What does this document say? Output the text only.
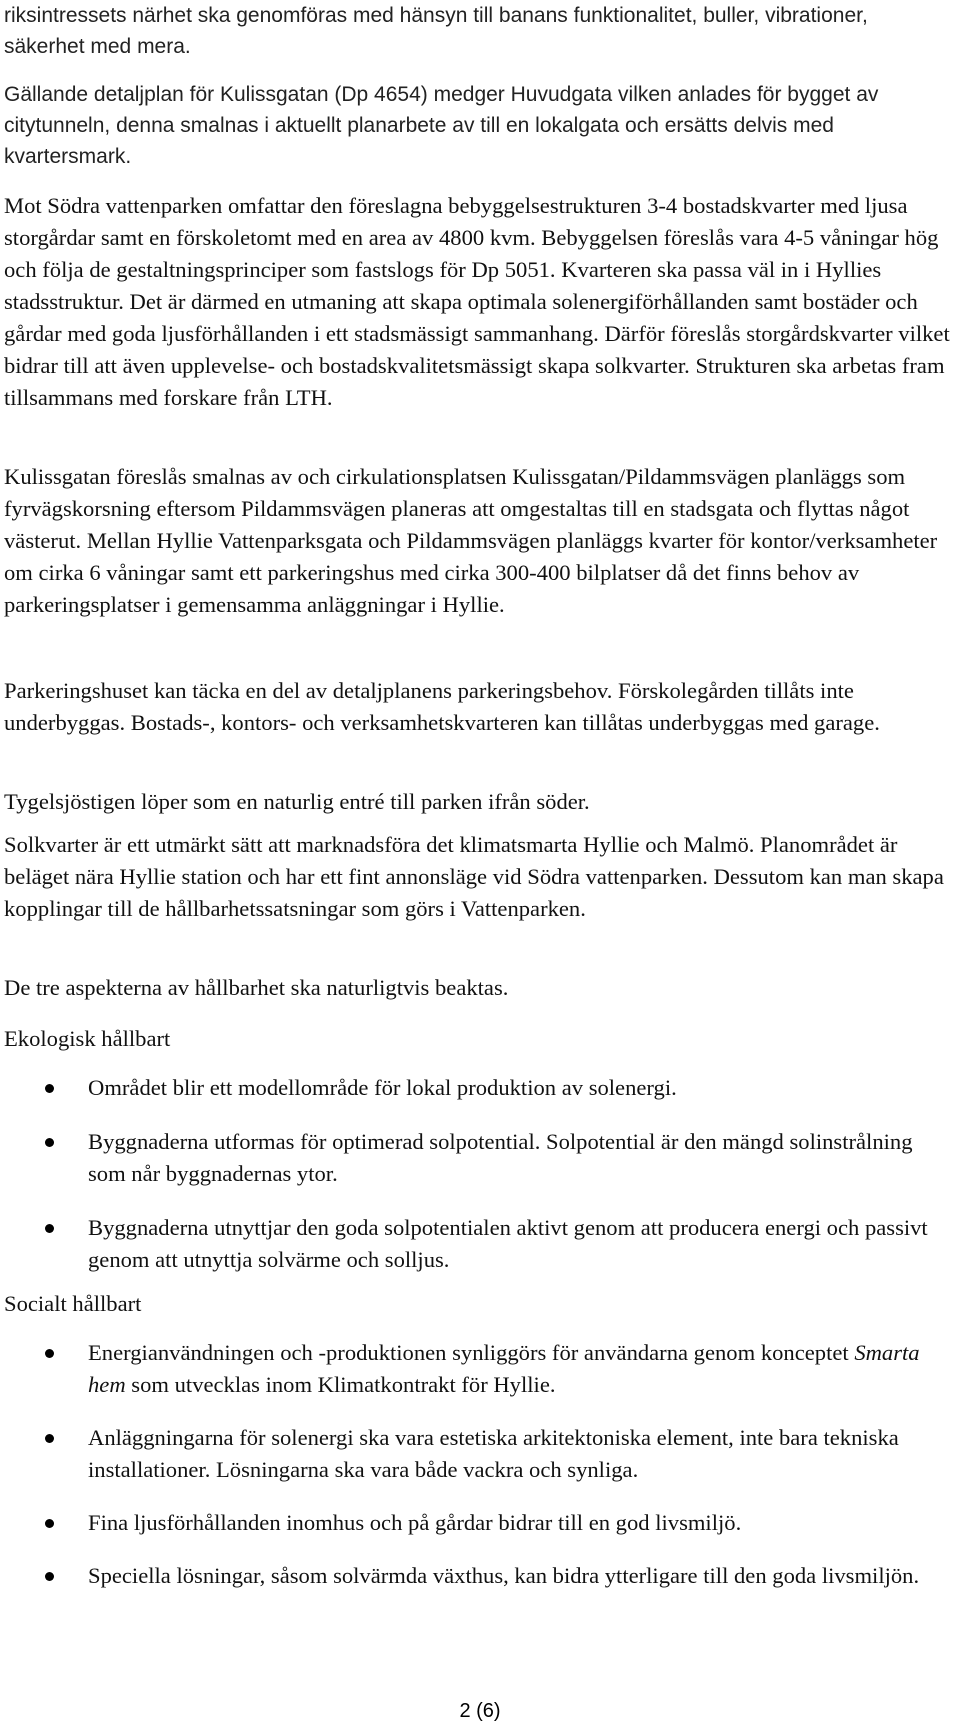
riksintressets närhet ska genomföras med hänsyn till banans funktionalitet, buller, vibrationer, säkerhet med mera.

Gällande detaljplan för Kulissgatan (Dp 4654) medger Huvudgata vilken anlades för bygget av citytunneln, denna smalnas i aktuellt planarbete av till en lokalgata och ersätts delvis med kvartersmark.

Mot Södra vattenparken omfattar den föreslagna bebyggelsestrukturen 3-4 bostadskvarter med ljusa storgårdar samt en förskoletomt med en area av 4800 kvm. Bebyggelsen föreslås vara 4-5 våningar hög och följa de gestaltningsprinciper som fastslogs för Dp 5051. Kvarteren ska passa väl in i Hyllies stadsstruktur. Det är därmed en utmaning att skapa optimala solenergiförhållanden samt bostäder och gårdar med goda ljusförhållanden i ett stadsmässigt sammanhang. Därför föreslås storgårdskvarter vilket bidrar till att även upplevelse- och bostadskvalitetsmässigt skapa solkvarter. Strukturen ska arbetas fram tillsammans med forskare från LTH.

Kulissgatan föreslås smalnas av och cirkulationsplatsen Kulissgatan/Pildammsvägen planläggs som fyrvägskorsning eftersom Pildammsvägen planeras att omgestaltas till en stadsgata och flyttas något västerut. Mellan Hyllie Vattenparksgata och Pildammsvägen planläggs kvarter för kontor/verksamheter om cirka 6 våningar samt ett parkeringshus med cirka 300-400 bilplatser då det finns behov av parkeringsplatser i gemensamma anläggningar i Hyllie.

Parkeringshuset kan täcka en del av detaljplanens parkeringsbehov. Förskolegården tillåts inte underbyggas. Bostads-, kontors- och verksamhetskvarteren kan tillåtas underbyggas med garage.

Tygelsjöstigen löper som en naturlig entré till parken ifrån söder.

Solkvarter är ett utmärkt sätt att marknadsföra det klimatsmarta Hyllie och Malmö. Planområdet är beläget nära Hyllie station och har ett fint annonsläge vid Södra vattenparken. Dessutom kan man skapa kopplingar till de hållbarhetssatsningar som görs i Vattenparken.

De tre aspekterna av hållbarhet ska naturligtvis beaktas.

Ekologisk hållbart

Området blir ett modellområde för lokal produktion av solenergi.
Byggnaderna utformas för optimerad solpotential. Solpotential är den mängd solinstrålning som når byggnadernas ytor.
Byggnaderna utnyttjar den goda solpotentialen aktivt genom att producera energi och passivt genom att utnyttja solvärme och solljus.

Socialt hållbart

Energianvändningen och -produktionen synliggörs för användarna genom konceptet Smarta hem som utvecklas inom Klimatkontrakt för Hyllie.
Anläggningarna för solenergi ska vara estetiska arkitektoniska element, inte bara tekniska installationer. Lösningarna ska vara både vackra och synliga.
Fina ljusförhållanden inomhus och på gårdar bidrar till en god livsmiljö.
Speciella lösningar, såsom solvärmda växthus, kan bidra ytterligare till den goda livsmiljön.
2 (6)
